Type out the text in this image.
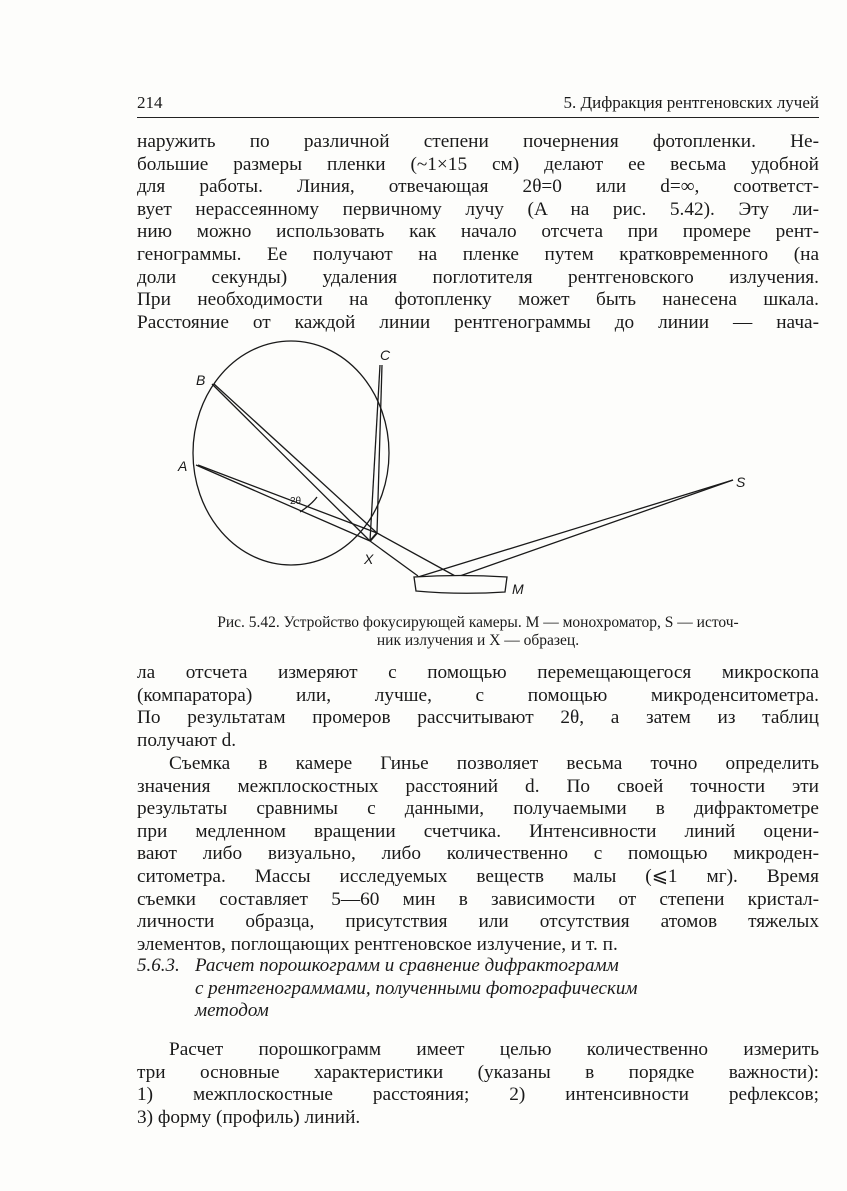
214	5. Дифракция рентгеновских лучей
наружить по различной степени почернения фотопленки. Не-
большие размеры пленки (~1×15 см) делают ее весьма удобной
для работы. Линия, отвечающая 2θ=0 или d=∞, соответст-
вует нерассеянному первичному лучу (A на рис. 5.42). Эту ли-
нию можно использовать как начало отсчета при промере рент-
генограммы. Ее получают на пленке путем кратковременного (на
доли секунды) удаления поглотителя рентгеновского излучения.
При необходимости на фотопленку может быть нанесена шкала.
Расстояние от каждой линии рентгенограммы до линии — нача-
A
B
C
X
S
M
2θ
Рис. 5.42. Устройство фокусирующей камеры. M — монохроматор, S — источ-
ник излучения и X — образец.
ла отсчета измеряют с помощью перемещающегося микроскопа
(компаратора) или, лучше, с помощью микроденситометра.
По результатам промеров рассчитывают 2θ, а затем из таблиц
получают d.
Съемка в камере Гинье позволяет весьма точно определить
значения межплоскостных расстояний d. По своей точности эти
результаты сравнимы с данными, получаемыми в дифрактометре
при медленном вращении счетчика. Интенсивности линий оцени-
вают либо визуально, либо количественно с помощью микроден-
ситометра. Массы исследуемых веществ малы (⩽1 мг). Время
съемки составляет 5—60 мин в зависимости от степени кристал-
личности образца, присутствия или отсутствия атомов тяжелых
элементов, поглощающих рентгеновское излучение, и т. п.
5.6.3. Расчет порошкограмм и сравнение дифрактограмм
с рентгенограммами, полученными фотографическим
методом
Расчет порошкограмм имеет целью количественно измерить
три основные характеристики (указаны в порядке важности):
1) межплоскостные расстояния; 2) интенсивности рефлексов;
3) форму (профиль) линий.
